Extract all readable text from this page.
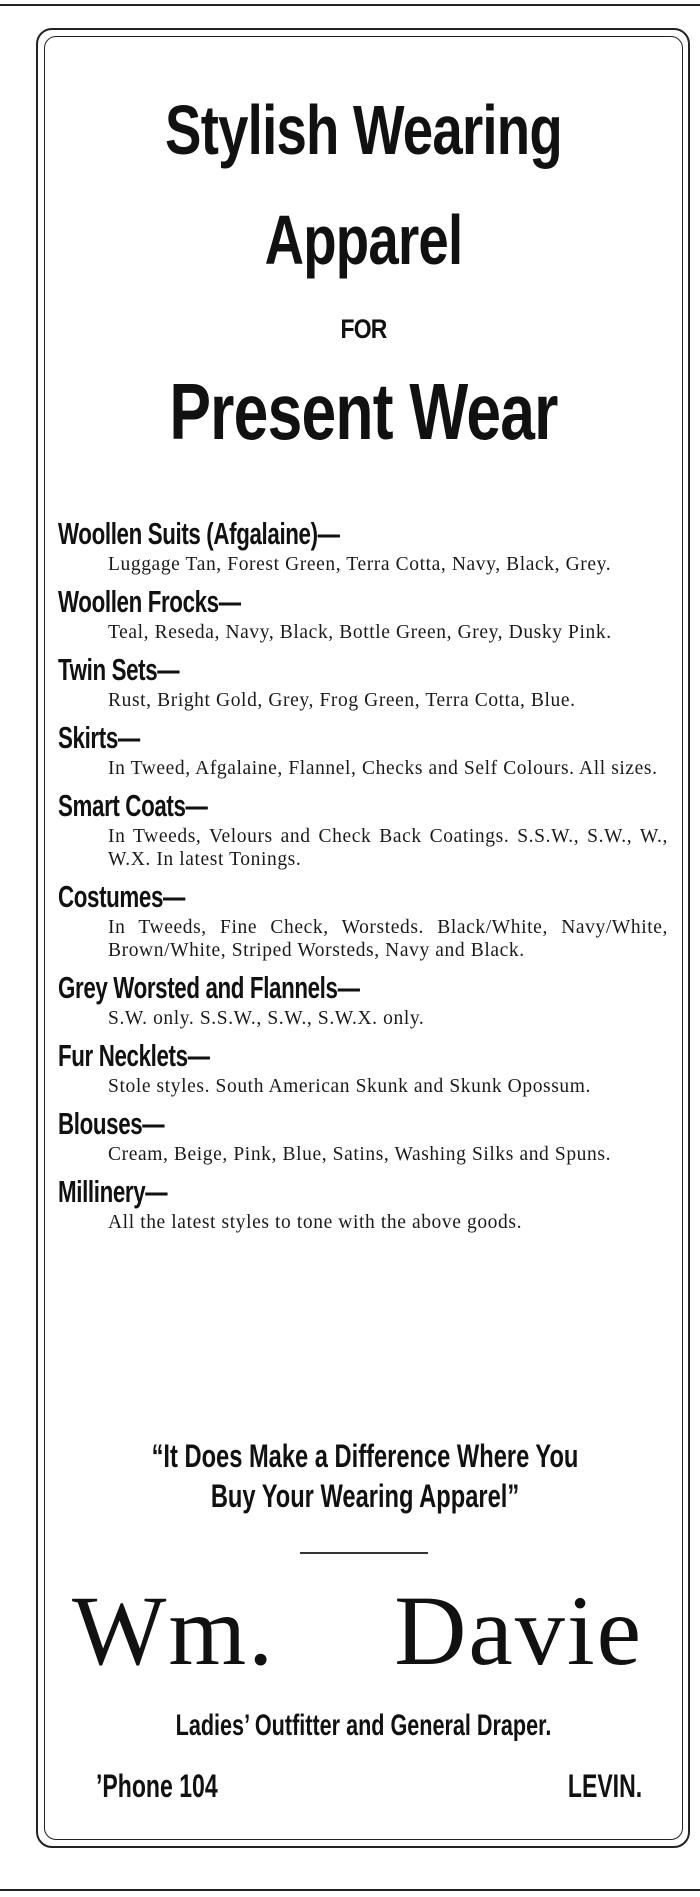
Stylish Wearing
Apparel
FOR
Present Wear
Woollen Suits (Afgalaine)—
Luggage Tan, Forest Green, Terra Cotta, Navy, Black, Grey.
Woollen Frocks—
Teal, Reseda, Navy, Black, Bottle Green, Grey, Dusky Pink.
Twin Sets—
Rust, Bright Gold, Grey, Frog Green, Terra Cotta, Blue.
Skirts—
In Tweed, Afgalaine, Flannel, Checks and Self Colours. All sizes.
Smart Coats—
In Tweeds, Velours and Check Back Coatings. S.S.W., S.W., W., W.X. In latest Tonings.
Costumes—
In Tweeds, Fine Check, Worsteds. Black/White, Navy/White, Brown/White, Striped Worsteds, Navy and Black.
Grey Worsted and Flannels—
S.W. only. S.S.W., S.W., S.W.X. only.
Fur Necklets—
Stole styles. South American Skunk and Skunk Opossum.
Blouses—
Cream, Beige, Pink, Blue, Satins, Washing Silks and Spuns.
Millinery—
All the latest styles to tone with the above goods.
“It Does Make a Difference Where You Buy Your Wearing Apparel”
Wm. Davie
Ladies’ Outfitter and General Draper.
’Phone 104	LEVIN.
